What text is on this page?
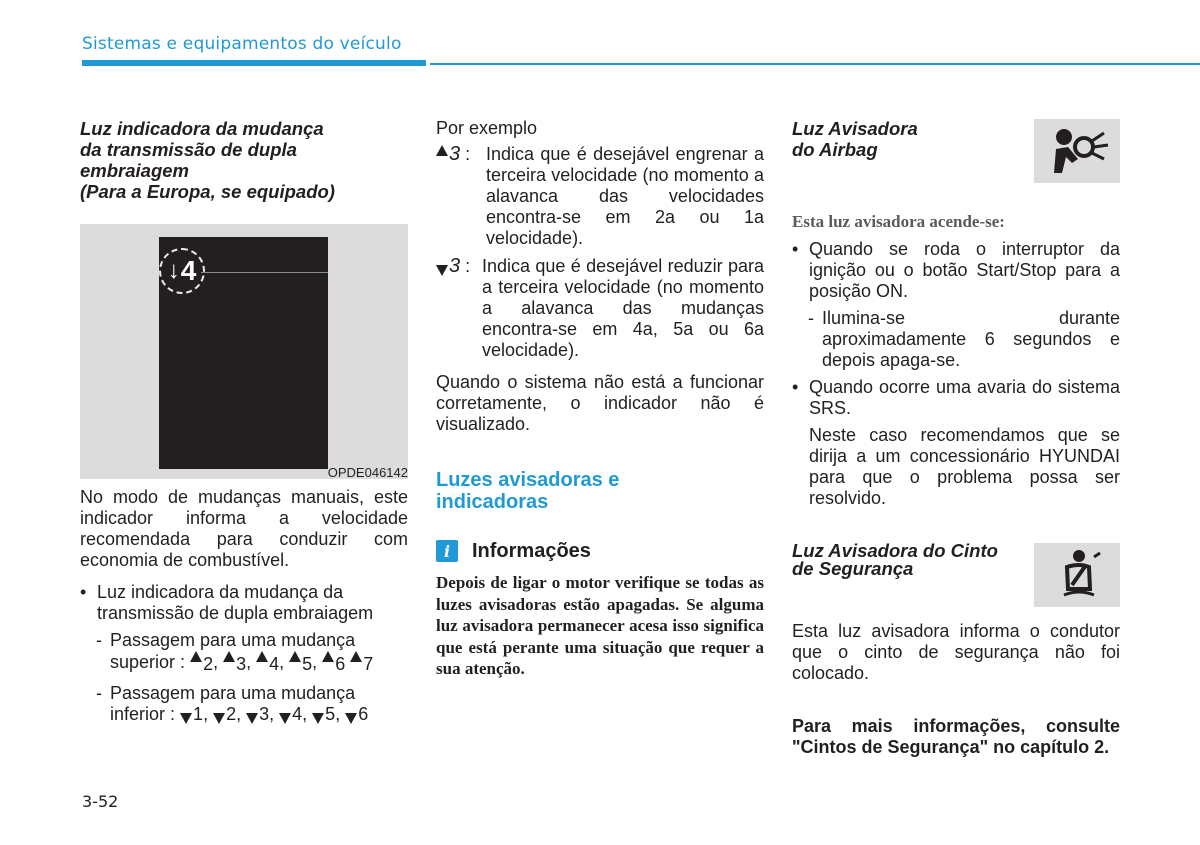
Sistemas e equipamentos do veículo
Luz indicadora da mudança
da transmissão de dupla
embraiagem
(Para a Europa, se equipado)
↓ 4
OPDE046142

No modo de mudanças manuais, este indicador informa a velocidade recomendada para conduzir com economia de combustível.

• Luz indicadora da mudança da transmissão de dupla embraiagem
- Passagem para uma mudança superior : 2, 3, 4, 5, 6 7
- Passagem para uma mudança inferior : 1, 2, 3, 4, 5, 6
Por exemplo
3 : Indica que é desejável engrenar a terceira velocidade (no momento a alavanca das velocidades encontra-se em 2a ou 1a velocidade).

3 : Indica que é desejável reduzir para a terceira velocidade (no momento a alavanca das mudanças encontra-se em 4a, 5a ou 6a velocidade).

Quando o sistema não está a funcionar corretamente, o indicador não é visualizado.

Luzes avisadoras e indicadoras
i	Informações

Depois de ligar o motor verifique se todas as luzes avisadoras estão apagadas. Se alguma luz avisadora permanecer acesa isso significa que está perante uma situação que requer a sua atenção.

Luz Avisadora
do Airbag
Esta luz avisadora acende-se:

• Quando se roda o interruptor da ignição ou o botão Start/Stop para a posição ON.

- Ilumina-se durante aproximadamente 6 segundos e depois apaga-se.

• Quando ocorre uma avaria do sistema SRS.

Neste caso recomendamos que se dirija a um concessionário HYUNDAI para que o problema possa ser resolvido.

Luz Avisadora do Cinto
de Segurança

Esta luz avisadora informa o condutor que o cinto de segurança não foi colocado.

Para mais informações, consulte "Cintos de Segurança" no capítulo 2.

3-52
